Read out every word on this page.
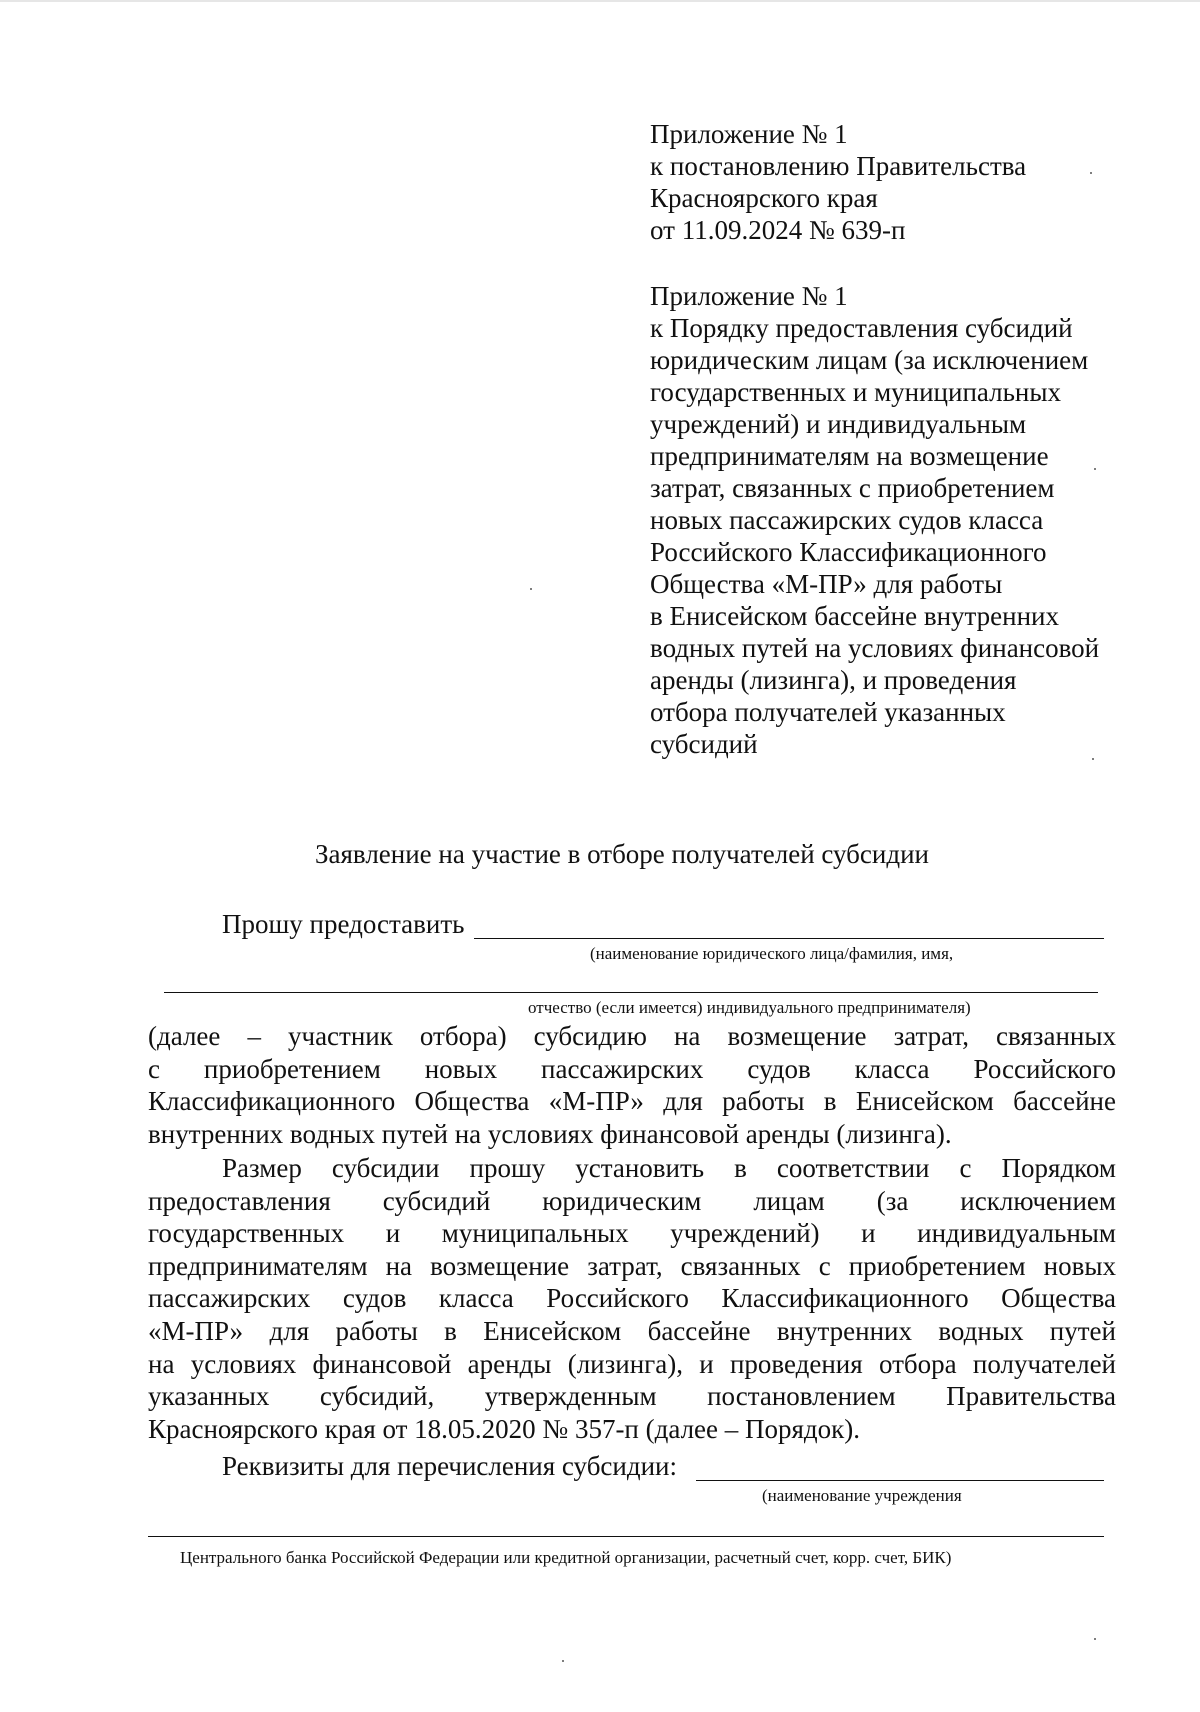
Приложение № 1
к постановлению Правительства
Красноярского края
от 11.09.2024 № 639-п
Приложение № 1
к Порядку предоставления субсидий
юридическим лицам (за исключением
государственных и муниципальных
учреждений) и индивидуальным
предпринимателям на возмещение
затрат, связанных с приобретением
новых пассажирских судов класса
Российского Классификационного
Общества «М-ПР» для работы
в Енисейском бассейне внутренних
водных путей на условиях финансовой
аренды (лизинга), и проведения
отбора получателей указанных
субсидий
Заявление на участие в отборе получателей субсидии
Прошу предоставить
(наименование юридического лица/фамилия, имя,
отчество (если имеется) индивидуального предпринимателя)
(далее – участник отбора) субсидию на возмещение затрат, связанных
с приобретением новых пассажирских судов класса Российского
Классификационного Общества «М-ПР» для работы в Енисейском бассейне
внутренних водных путей на условиях финансовой аренды (лизинга).
Размер субсидии прошу установить в соответствии с Порядком
предоставления субсидий юридическим лицам (за исключением
государственных и муниципальных учреждений) и индивидуальным
предпринимателям на возмещение затрат, связанных с приобретением новых
пассажирских судов класса Российского Классификационного Общества
«М-ПР» для работы в Енисейском бассейне внутренних водных путей
на условиях финансовой аренды (лизинга), и проведения отбора получателей
указанных субсидий, утвержденным постановлением Правительства
Красноярского края от 18.05.2020 № 357-п (далее – Порядок).
Реквизиты для перечисления субсидии:
(наименование учреждения
Центрального банка Российской Федерации или кредитной организации, расчетный счет, корр. счет, БИК)
